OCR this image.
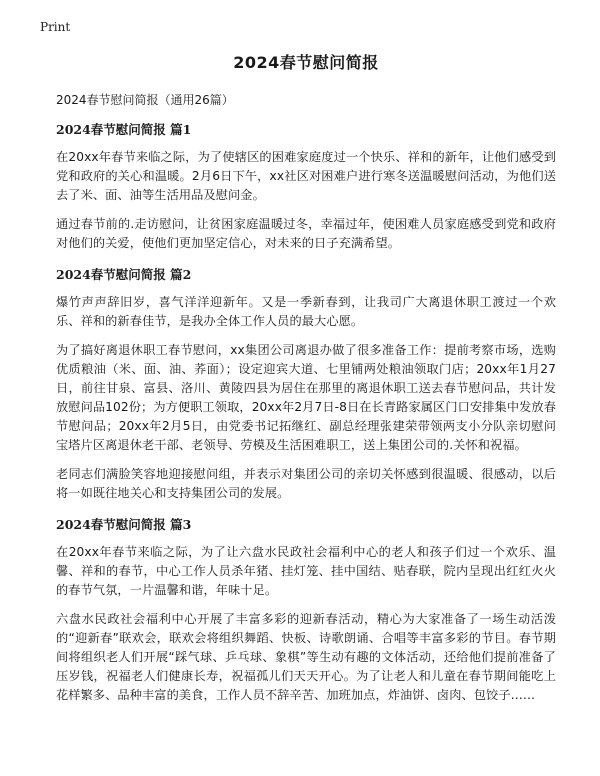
Print
2024春节慰问简报

2024春节慰问简报（通用26篇）

2024春节慰问简报 篇1

在20xx年春节来临之际，为了使辖区的困难家庭度过一个快乐、祥和的新年，让他们感受到党和政府的关心和温暖。2月6日下午，xx社区对困难户进行寒冬送温暖慰问活动，为他们送去了米、面、油等生活用品及慰问金。

通过春节前的.走访慰问，让贫困家庭温暖过冬，幸福过年，使困难人员家庭感受到党和政府对他们的关爱，使他们更加坚定信心，对未来的日子充满希望。

2024春节慰问简报 篇2

爆竹声声辞旧岁，喜气洋洋迎新年。又是一季新春到，让我司广大离退休职工渡过一个欢乐、祥和的新春佳节，是我办全体工作人员的最大心愿。

为了搞好离退休职工春节慰问，xx集团公司离退办做了很多准备工作：提前考察市场，选购优质粮油（米、面、油、荞面）；设定迎宾大道、七里铺两处粮油领取门店；20xx年1月27日，前往甘泉、富县、洛川、黄陵四县为居住在那里的离退休职工送去春节慰问品，共计发放慰问品102份；为方便职工领取，20xx年2月7日-8日在长青路家属区门口安排集中发放春节慰问品；20xx年2月5日，由党委书记拓继红、副总经理张建荣带领两支小分队亲切慰问宝塔片区离退休老干部、老领导、劳模及生活困难职工，送上集团公司的.关怀和祝福。

老同志们满脸笑容地迎接慰问组，并表示对集团公司的亲切关怀感到很温暖、很感动，以后将一如既往地关心和支持集团公司的发展。

2024春节慰问简报 篇3

在20xx年春节来临之际，为了让六盘水民政社会福利中心的老人和孩子们过一个欢乐、温馨、祥和的春节，中心工作人员杀年猪、挂灯笼、挂中国结、贴春联，院内呈现出红红火火的春节气氛，一片温馨和谐，年味十足。

六盘水民政社会福利中心开展了丰富多彩的迎新春活动，精心为大家准备了一场生动活泼的“迎新春”联欢会，联欢会将组织舞蹈、快板、诗歌朗诵、合唱等丰富多彩的节目。春节期间将组织老人们开展“踩气球、乒乓球、象棋”等生动有趣的文体活动，还给他们提前准备了压岁钱，祝福老人们健康长寿，祝福孤儿们天天开心。为了让老人和儿童在春节期间能吃上花样繁多、品种丰富的美食，工作人员不辞辛苦、加班加点，炸油饼、卤肉、包饺子……
